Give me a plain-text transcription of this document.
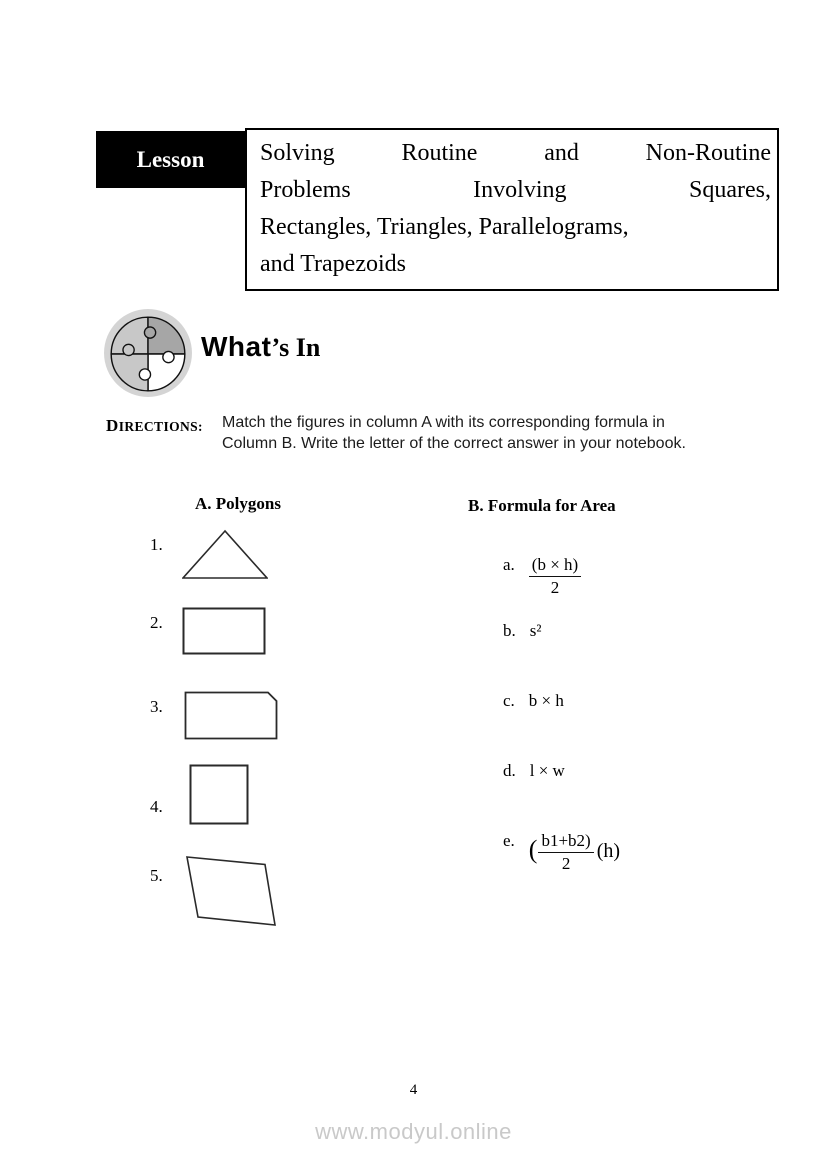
Lesson	Solving Routine and Non-Routine
Problems Involving Squares,
Rectangles, Triangles, Parallelograms,
and Trapezoids
What’s In
DIRECTIONS: Match the figures in column A with its corresponding formula in
Column B. Write the letter of the correct answer in your notebook.
A. Polygons	B. Formula for Area
1.
2.
3.
4.
5.
a. $\frac{(b \times h)}{2}$
b. s²
c. b × h
d. l × w
e. ( $\frac{b1+b2)}{2} (h)$
4
www.modyul.online
